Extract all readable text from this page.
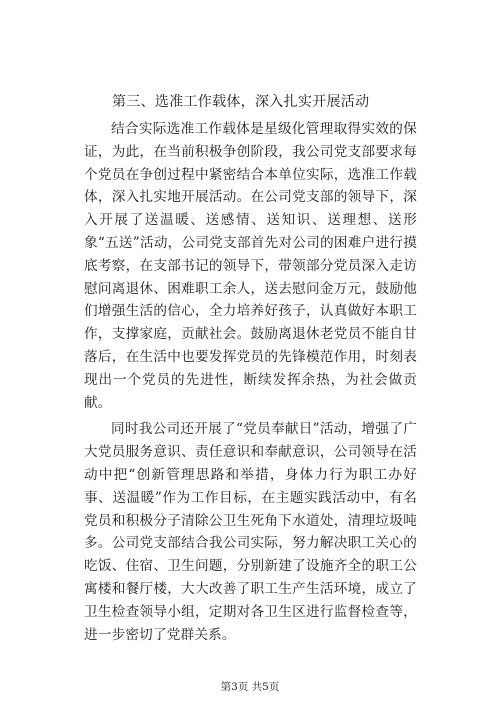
第三、选准工作载体，深入扎实开展活动

结合实际选准工作载体是星级化管理取得实效的保证，为此，在当前积极争创阶段，我公司党支部要求每个党员在争创过程中紧密结合本单位实际，选准工作载体，深入扎实地开展活动。在公司党支部的领导下，深入开展了送温暖、送感情、送知识、送理想、送形象“五送”活动，公司党支部首先对公司的困难户进行摸底考察，在支部书记的领导下，带领部分党员深入走访慰问离退休、困难职工余人，送去慰问金万元，鼓励他们增强生活的信心，全力培养好孩子，认真做好本职工作，支撑家庭，贡献社会。鼓励离退休老党员不能自甘落后，在生活中也要发挥党员的先锋模范作用，时刻表现出一个党员的先进性，断续发挥余热，为社会做贡献。

同时我公司还开展了“党员奉献日”活动，增强了广大党员服务意识、责任意识和奉献意识，公司领导在活动中把“创新管理思路和举措，身体力行为职工办好事、送温暖”作为工作目标，在主题实践活动中，有名党员和积极分子清除公卫生死角下水道处，清理垃圾吨多。公司党支部结合我公司实际，努力解决职工关心的吃饭、住宿、卫生问题，分别新建了设施齐全的职工公寓楼和餐厅楼，大大改善了职工生产生活环境，成立了卫生检查领导小组，定期对各卫生区进行监督检查等，进一步密切了党群关系。

第3页 共5页
